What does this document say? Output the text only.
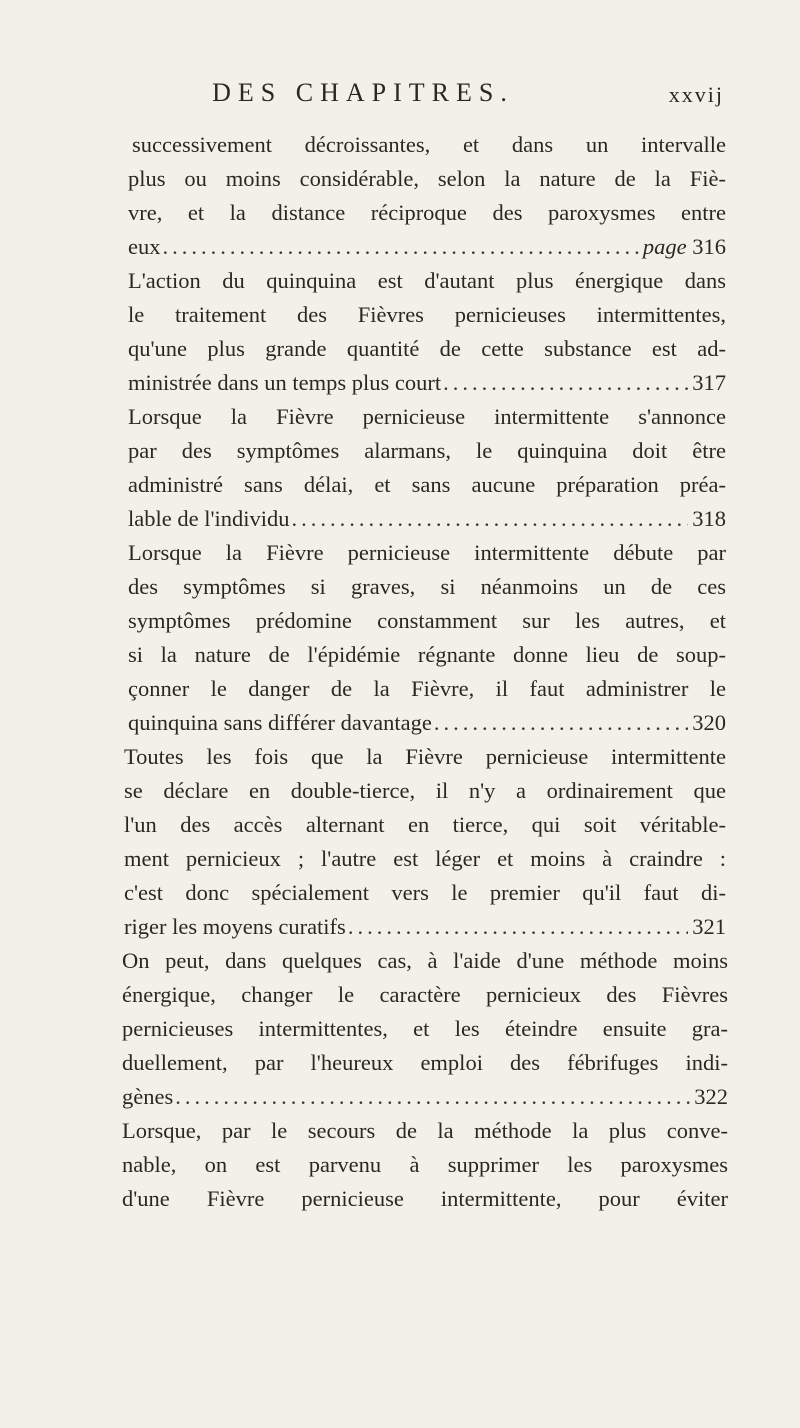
DES CHAPITRES.	xxvij
successivement décroissantes, et dans un intervalle
plus ou moins considérable, selon la nature de la Fiè-
vre, et la distance réciproque des paroxysmes entre
eux .....	page 316
L'action du quinquina est d'autant plus énergique dans
le traitement des Fièvres pernicieuses intermittentes,
qu'une plus grande quantité de cette substance est ad-
ministrée dans un temps plus court .....	317
Lorsque la Fièvre pernicieuse intermittente s'annonce
par des symptômes alarmans, le quinquina doit être
administré sans délai, et sans aucune préparation préa-
lable de l'individu .....	318
Lorsque la Fièvre pernicieuse intermittente débute par
des symptômes si graves, si néanmoins un de ces
symptômes prédomine constamment sur les autres, et
si la nature de l'épidémie régnante donne lieu de soup-
çonner le danger de la Fièvre, il faut administrer le
quinquina sans différer davantage .....	320
Toutes les fois que la Fièvre pernicieuse intermittente
se déclare en double-tierce, il n'y a ordinairement que
l'un des accès alternant en tierce, qui soit véritable-
ment pernicieux ; l'autre est léger et moins à craindre :
c'est donc spécialement vers le premier qu'il faut di-
riger les moyens curatifs .....	321
On peut, dans quelques cas, à l'aide d'une méthode moins
énergique, changer le caractère pernicieux des Fièvres
pernicieuses intermittentes, et les éteindre ensuite gra-
duellement, par l'heureux emploi des fébrifuges indi-
gènes .....	322
Lorsque, par le secours de la méthode la plus conve-
nable, on est parvenu à supprimer les paroxysmes
d'une Fièvre pernicieuse intermittente, pour éviter
